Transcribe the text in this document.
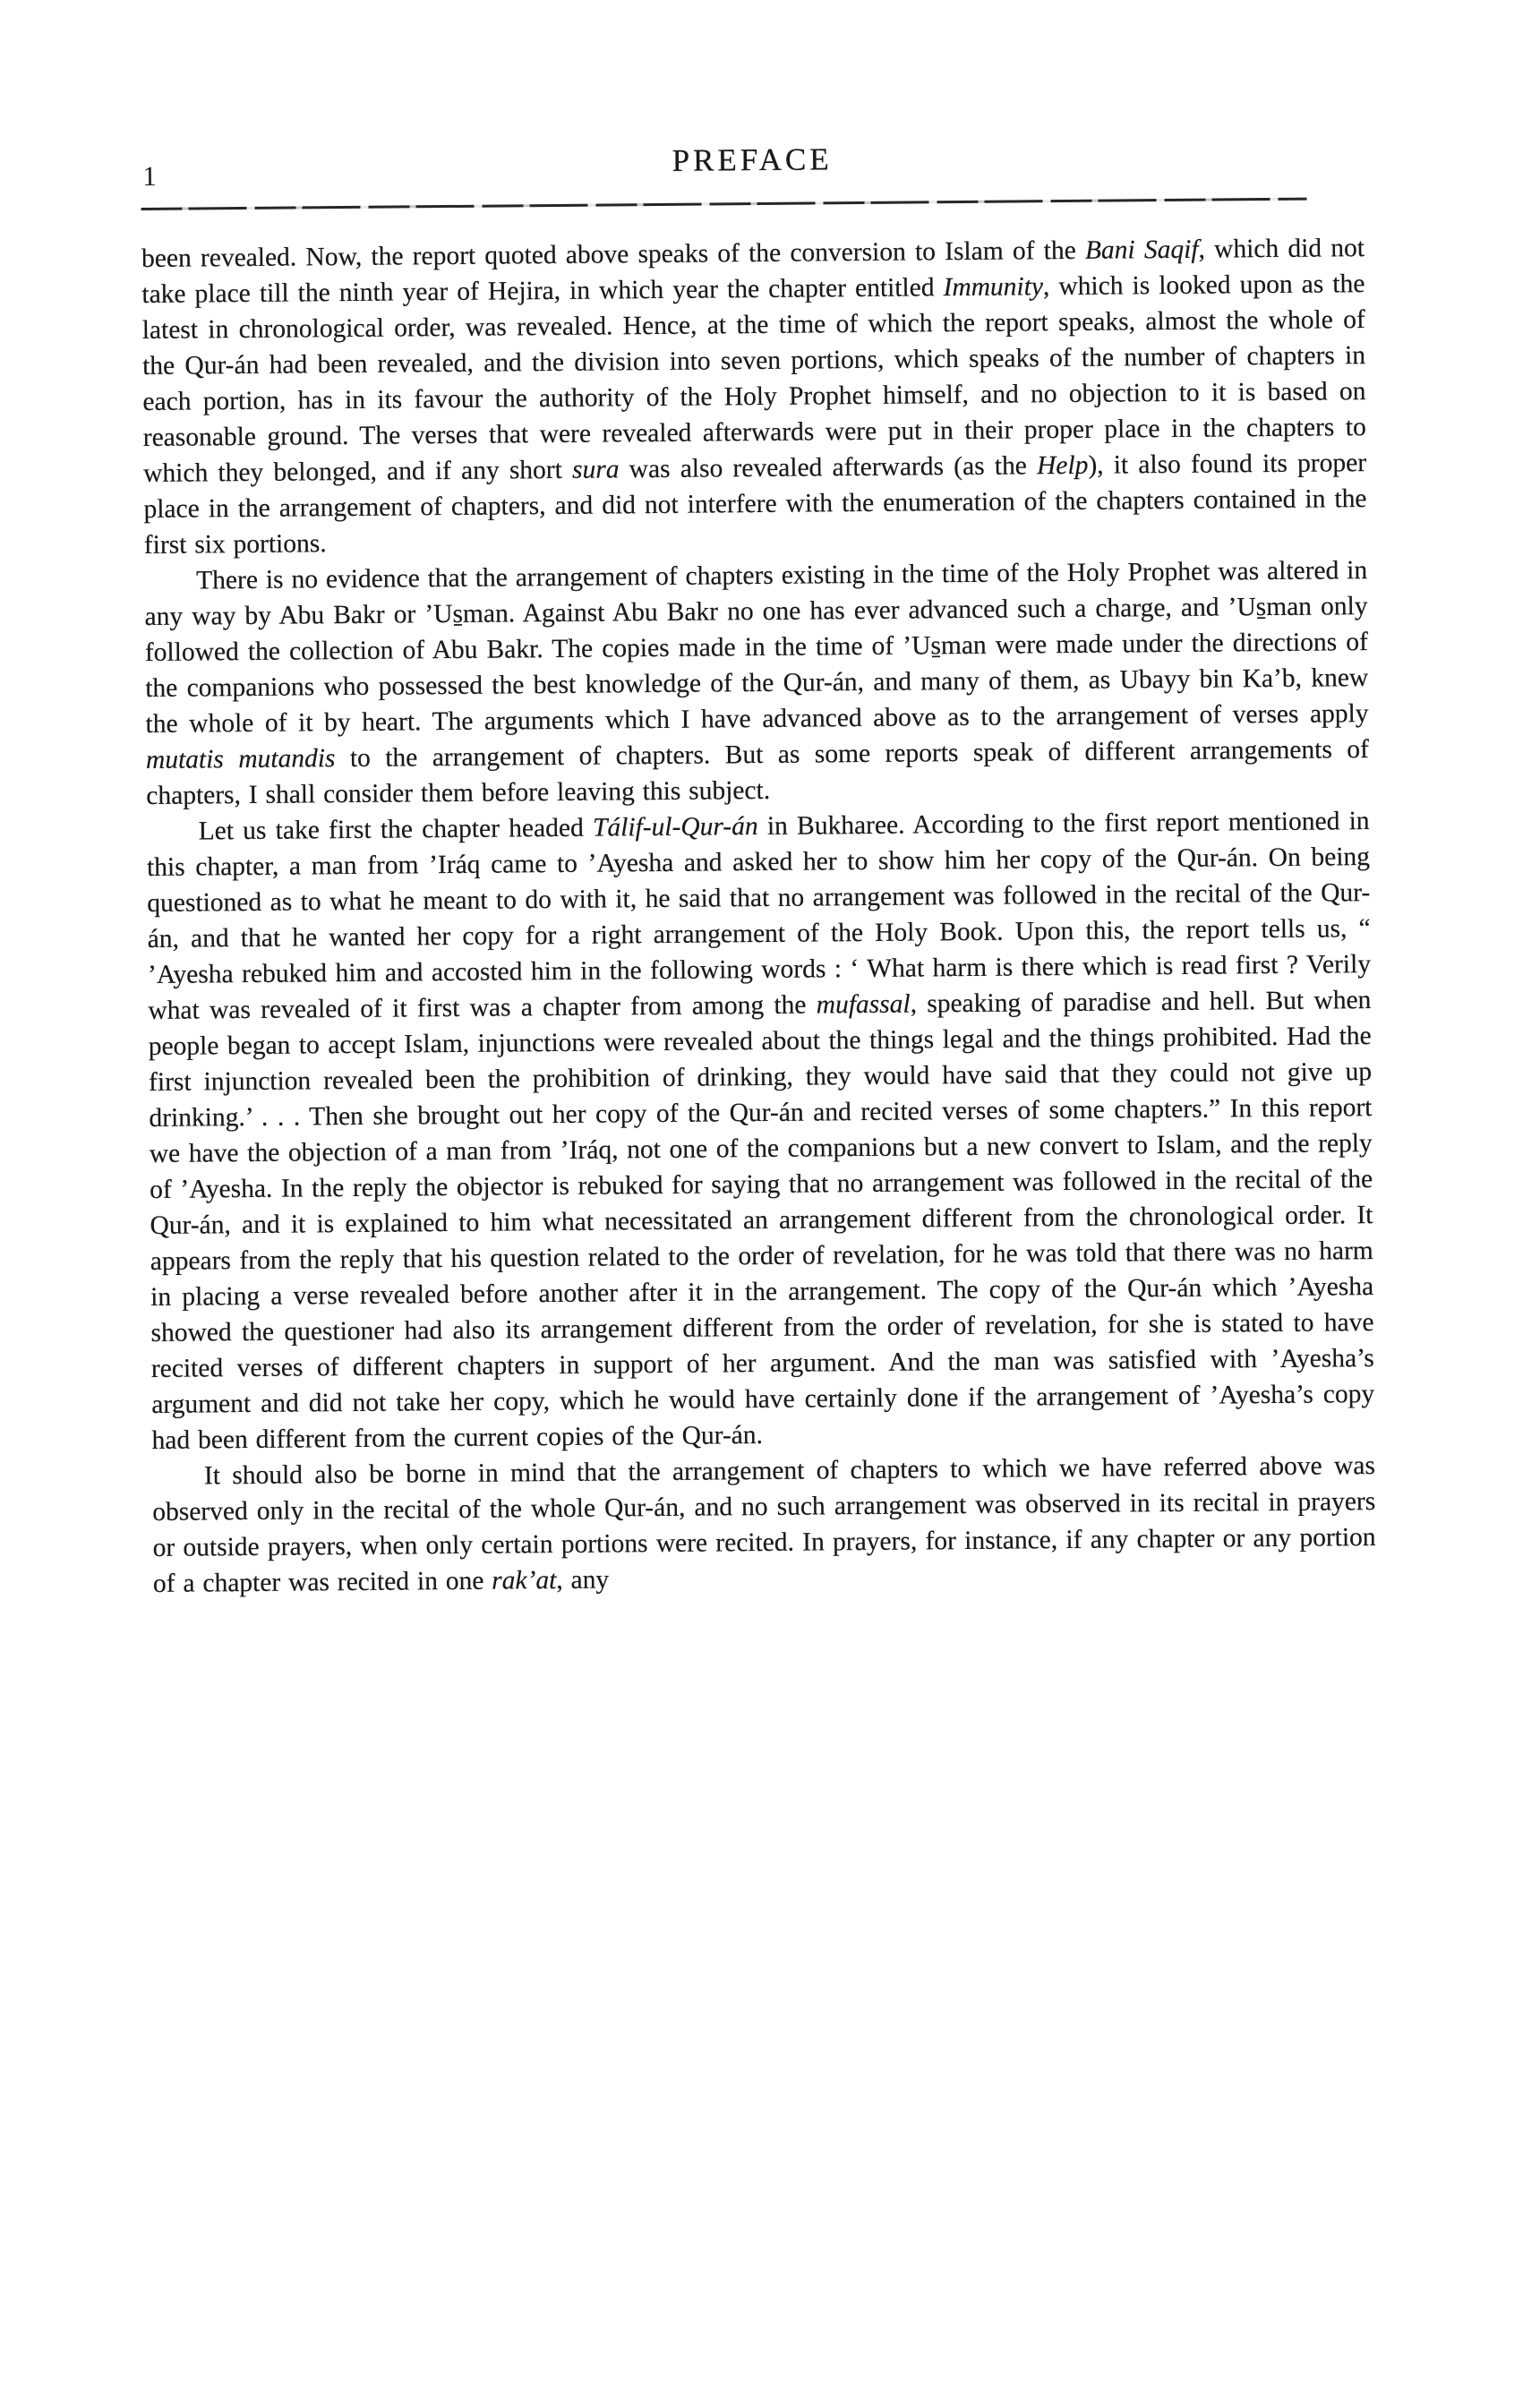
1	PREFACE

been revealed. Now, the report quoted above speaks of the conversion to Islam of the Bani Saqif, which did not take place till the ninth year of Hejira, in which year the chapter entitled Immunity, which is looked upon as the latest in chronological order, was revealed. Hence, at the time of which the report speaks, almost the whole of the Qur-án had been revealed, and the division into seven portions, which speaks of the number of chapters in each portion, has in its favour the authority of the Holy Prophet himself, and no objection to it is based on reasonable ground. The verses that were revealed afterwards were put in their proper place in the chapters to which they belonged, and if any short sura was also revealed afterwards (as the Help), it also found its proper place in the arrangement of chapters, and did not interfere with the enumeration of the chapters contained in the first six portions.

There is no evidence that the arrangement of chapters existing in the time of the Holy Prophet was altered in any way by Abu Bakr or ’Us̱man. Against Abu Bakr no one has ever advanced such a charge, and ’Us̱man only followed the collection of Abu Bakr. The copies made in the time of ’Us̱man were made under the directions of the companions who possessed the best knowledge of the Qur-án, and many of them, as Ubayy bin Ka’b, knew the whole of it by heart. The arguments which I have advanced above as to the arrangement of verses apply mutatis mutandis to the arrangement of chapters. But as some reports speak of different arrangements of chapters, I shall consider them before leaving this subject.

Let us take first the chapter headed Tálif-ul-Qur-án in Bukharee. According to the first report mentioned in this chapter, a man from ’Iráq came to ’Ayesha and asked her to show him her copy of the Qur-án. On being questioned as to what he meant to do with it, he said that no arrangement was followed in the recital of the Qur-án, and that he wanted her copy for a right arrangement of the Holy Book. Upon this, the report tells us, “ ’Ayesha rebuked him and accosted him in the following words : ‘ What harm is there which is read first ? Verily what was revealed of it first was a chapter from among the mufassal, speaking of paradise and hell. But when people began to accept Islam, injunctions were revealed about the things legal and the things prohibited. Had the first injunction revealed been the prohibition of drinking, they would have said that they could not give up drinking.’ . . . Then she brought out her copy of the Qur-án and recited verses of some chapters.” In this report we have the objection of a man from ’Iráq, not one of the companions but a new convert to Islam, and the reply of ’Ayesha. In the reply the objector is rebuked for saying that no arrangement was followed in the recital of the Qur-án, and it is explained to him what necessitated an arrangement different from the chronological order. It appears from the reply that his question related to the order of revelation, for he was told that there was no harm in placing a verse revealed before another after it in the arrangement. The copy of the Qur-án which ’Ayesha showed the questioner had also its arrangement different from the order of revelation, for she is stated to have recited verses of different chapters in support of her argument. And the man was satisfied with ’Ayesha’s argument and did not take her copy, which he would have certainly done if the arrangement of ’Ayesha’s copy had been different from the current copies of the Qur-án.

It should also be borne in mind that the arrangement of chapters to which we have referred above was observed only in the recital of the whole Qur-án, and no such arrangement was observed in its recital in prayers or outside prayers, when only certain portions were recited. In prayers, for instance, if any chapter or any portion of a chapter was recited in one rak’at, any
